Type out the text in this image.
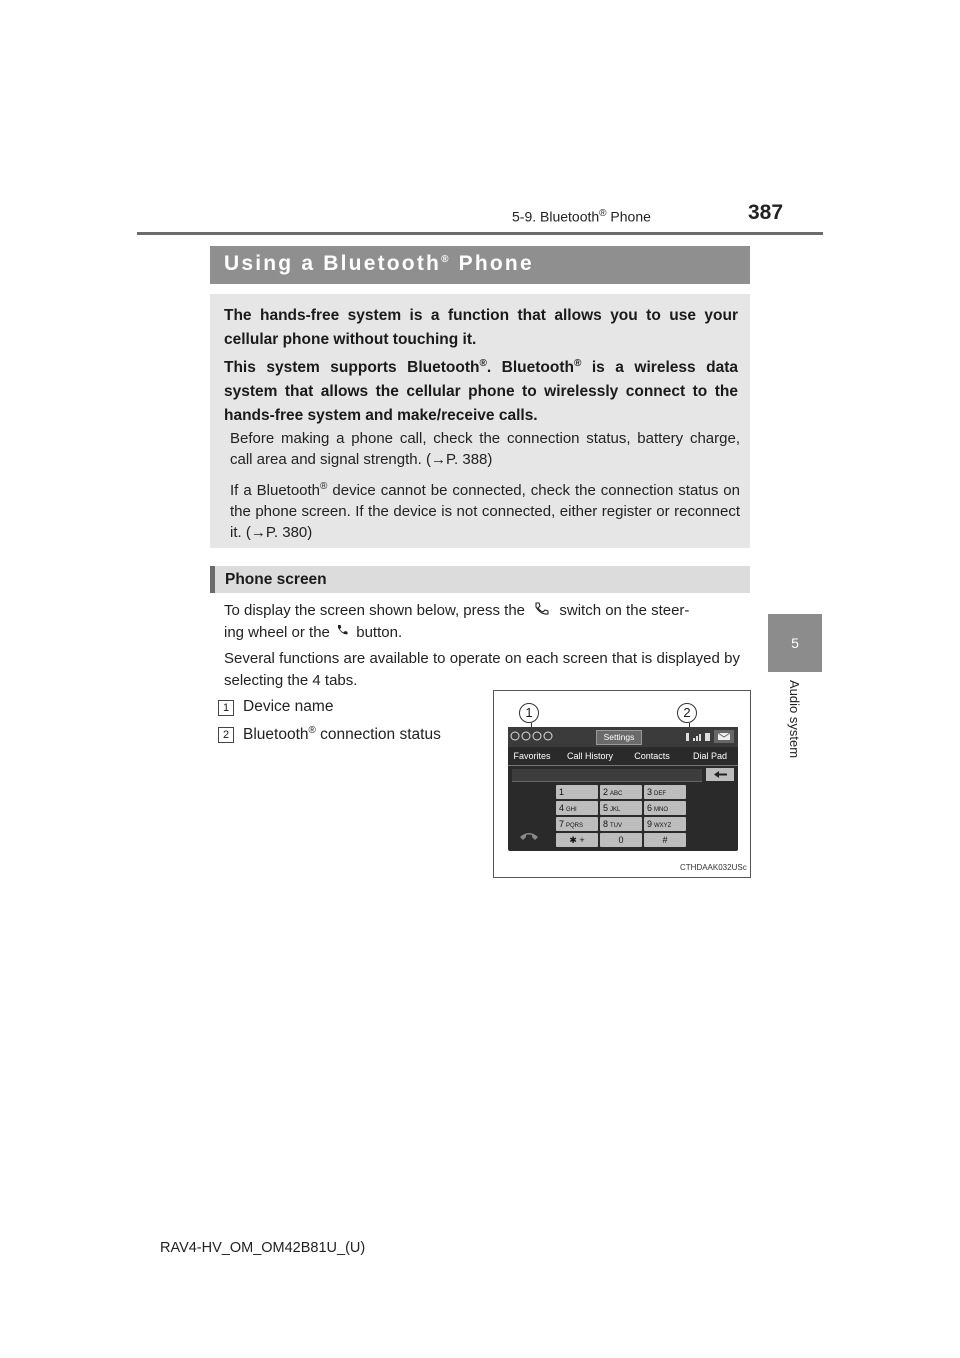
5-9. Bluetooth® Phone	387
5
Audio system
Using a Bluetooth® Phone

The hands-free system is a function that allows you to use your cellular phone without touching it.

This system supports Bluetooth®. Bluetooth® is a wireless data system that allows the cellular phone to wirelessly connect to the hands-free system and make/receive calls.

Before making a phone call, check the connection status, battery charge, call area and signal strength. (→P. 388)

If a Bluetooth® device cannot be connected, check the connection status on the phone screen. If the device is not connected, either register or reconnect it. (→P. 380)

Phone screen
To display the screen shown below, press the switch on the steer-
ing wheel or the button.
Several functions are available to operate on each screen that is displayed by selecting the 4 tabs.
1 Device name
2 Bluetooth® connection status
1	2
Settings
Favorites	Call History	Contacts	Dial Pad
1	2 ABC	3 DEF
4 GHI	5 JKL	6 MNO
7 PQRS	8 TUV	9 WXYZ
✱ +	0	#
CTHDAAK032USc
RAV4-HV_OM_OM42B81U_(U)
